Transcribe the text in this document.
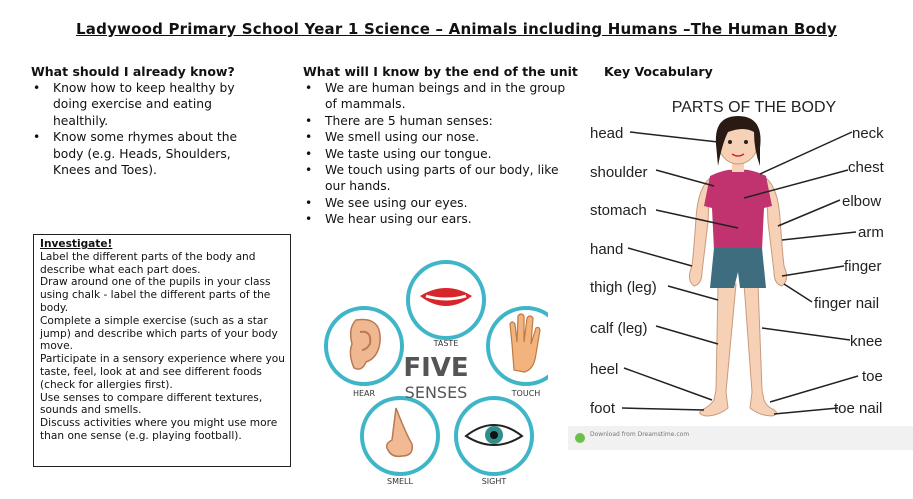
Ladywood Primary School Year 1 Science – Animals including Humans –The Human Body
What should I already know?
• Know how to keep healthy by doing exercise and eating healthily.
• Know some rhymes about the body (e.g. Heads, Shoulders, Knees and Toes).
What will I know by the end of the unit
• We are human beings and in the group of mammals.
• There are 5 human senses:
• We smell using our nose.
• We taste using our tongue.
• We touch using parts of our body, like our hands.
• We see using our eyes.
• We hear using our ears.

Investigate!

Label the different parts of the body and describe what each part does.

Draw around one of the pupils in your class using chalk - label the different parts of the body.

Complete a simple exercise (such as a star jump) and describe which parts of your body move.

Participate in a sensory experience where you taste, feel, look at and see different foods (check for allergies first).

Use senses to compare different textures, sounds and smells.

Discuss activities where you might use more than one sense (e.g. playing football).

TASTE
HEAR	TOUCH
SMELL	SIGHT
FIVE
SENSES
Key Vocabulary
PARTS OF THE BODY
head
shoulder
stomach
hand
thigh (leg)
calf (leg)
heel
foot
neck
chest
elbow
arm
finger
finger nail
knee
toe
toe nail
Download from Dreamstime.com
